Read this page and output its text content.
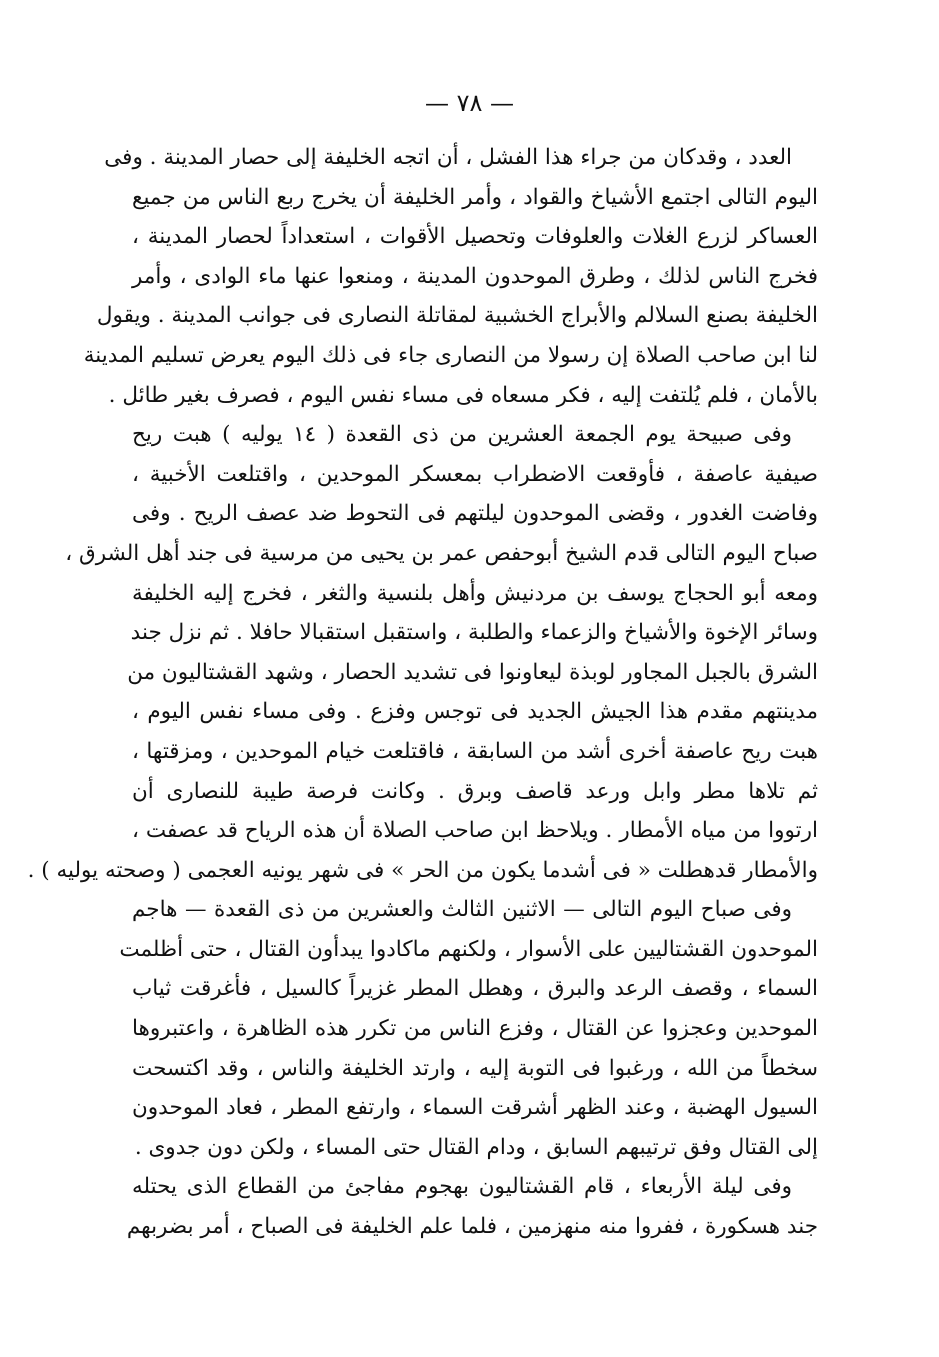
— ٧٨ —
العدد ، وقدكان من جراء هذا الفشل ، أن اتجه الخليفة إلى حصار المدينة . وفى
اليوم التالى اجتمع الأشياخ والقواد ، وأمر الخليفة أن يخرج ربع الناس من جميع
العساكر لزرع الغلات والعلوفات وتحصيل الأقوات ، استعداداً لحصار المدينة ،
فخرج الناس لذلك ، وطرق الموحدون المدينة ، ومنعوا عنها ماء الوادى ، وأمر
الخليفة بصنع السلالم والأبراج الخشبية لمقاتلة النصارى فى جوانب المدينة . ويقول
لنا ابن صاحب الصلاة إن رسولا من النصارى جاء فى ذلك اليوم يعرض تسليم المدينة
بالأمان ، فلم يُلتفت إليه ، فكر مسعاه فى مساء نفس اليوم ، فصرف بغير طائل .
وفى صبيحة يوم الجمعة العشرين من ذى القعدة ( ١٤ يوليه ) هبت ريح
صيفية عاصفة ، فأوقعت الاضطراب بمعسكر الموحدين ، واقتلعت الأخبية ،
وفاضت الغدور ، وقضى الموحدون ليلتهم فى التحوط ضد عصف الريح . وفى
صباح اليوم التالى قدم الشيخ أبوحفص عمر بن يحيى من مرسية فى جند أهل الشرق ،
ومعه أبو الحجاج يوسف بن مردنيش وأهل بلنسية والثغر ، فخرج إليه الخليفة
وسائر الإخوة والأشياخ والزعماء والطلبة ، واستقبل استقبالا حافلا . ثم نزل جند
الشرق بالجبل المجاور لوبذة ليعاونوا فى تشديد الحصار ، وشهد القشتاليون من
مدينتهم مقدم هذا الجيش الجديد فى توجس وفزع . وفى مساء نفس اليوم ،
هبت ريح عاصفة أخرى أشد من السابقة ، فاقتلعت خيام الموحدين ، ومزقتها ،
ثم تلاها مطر وابل ورعد قاصف وبرق . وكانت فرصة طيبة للنصارى أن
ارتووا من مياه الأمطار . ويلاحظ ابن صاحب الصلاة أن هذه الرياح قد عصفت ،
والأمطار قدهطلت « فى أشدما يكون من الحر » فى شهر يونيه العجمى ( وصحته يوليه ) .
وفى صباح اليوم التالى — الاثنين الثالث والعشرين من ذى القعدة — هاجم
الموحدون القشتاليين على الأسوار ، ولكنهم ماكادوا يبدأون القتال ، حتى أظلمت
السماء ، وقصف الرعد والبرق ، وهطل المطر غزيراً كالسيل ، فأغرقت ثياب
الموحدين وعجزوا عن القتال ، وفزع الناس من تكرر هذه الظاهرة ، واعتبروها
سخطاً من الله ، ورغبوا فى التوبة إليه ، وارتد الخليفة والناس ، وقد اكتسحت
السيول الهضبة ، وعند الظهر أشرقت السماء ، وارتفع المطر ، فعاد الموحدون
إلى القتال وفق ترتيبهم السابق ، ودام القتال حتى المساء ، ولكن دون جدوى .
وفى ليلة الأربعاء ، قام القشتاليون بهجوم مفاجئ من القطاع الذى يحتله
جند هسكورة ، ففروا منه منهزمين ، فلما علم الخليفة فى الصباح ، أمر بضربهم
